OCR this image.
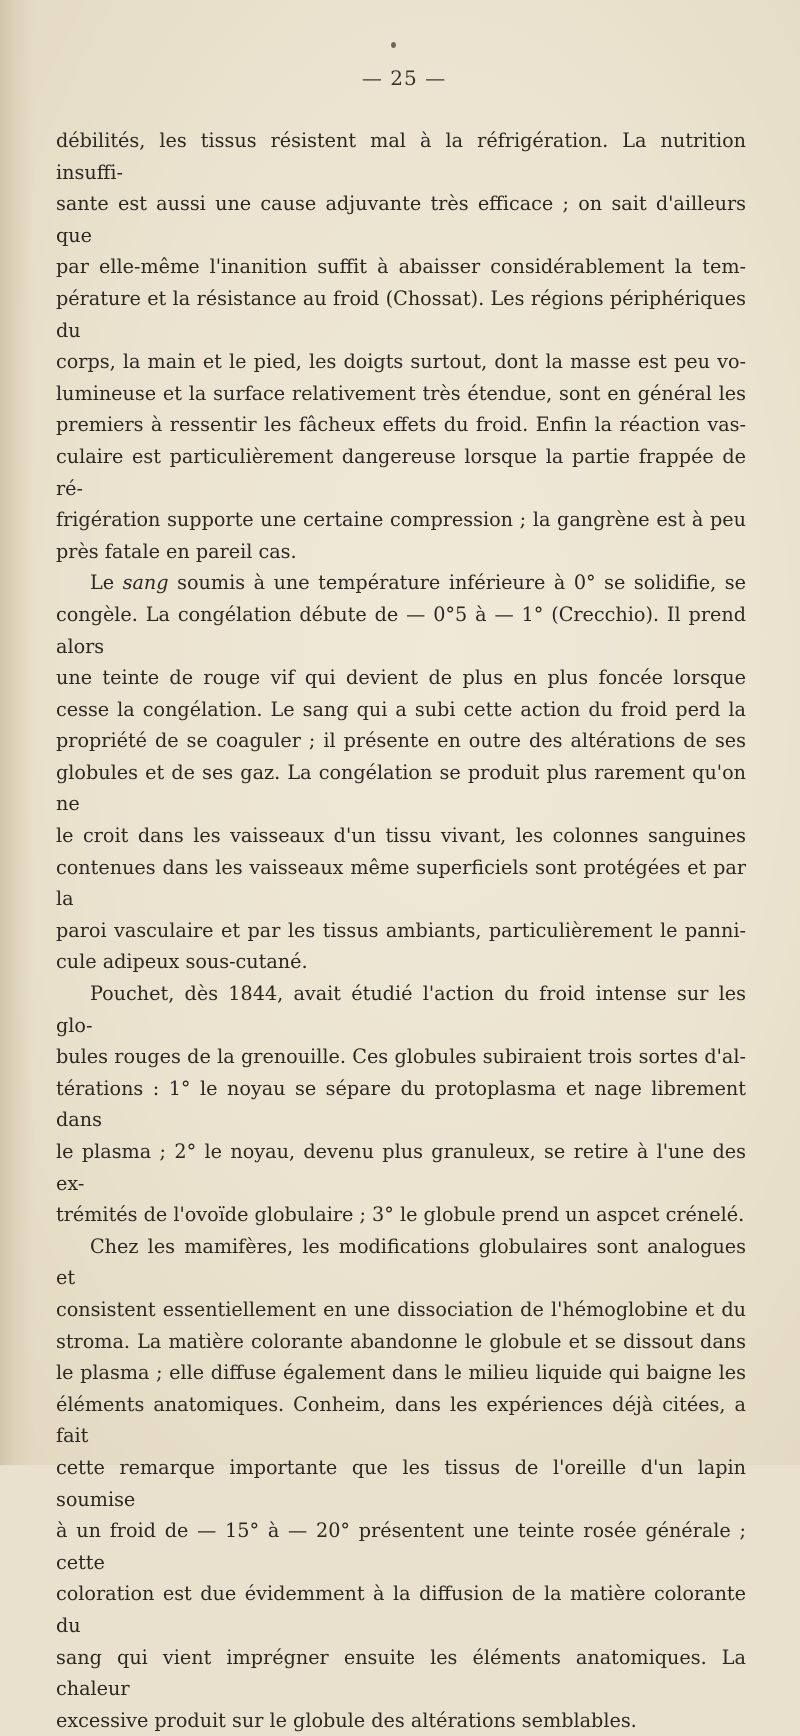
— 25 —

débilités, les tissus résistent mal à la réfrigération. La nutrition insuffi-

sante est aussi une cause adjuvante très efficace ; on sait d'ailleurs que

par elle-même l'inanition suffit à abaisser considérablement la tem-

pérature et la résistance au froid (Chossat). Les régions périphériques du

corps, la main et le pied, les doigts surtout, dont la masse est peu vo-

lumineuse et la surface relativement très étendue, sont en général les

premiers à ressentir les fâcheux effets du froid. Enfin la réaction vas-

culaire est particulièrement dangereuse lorsque la partie frappée de ré-

frigération supporte une certaine compression ; la gangrène est à peu

près fatale en pareil cas.

Le sang soumis à une température inférieure à 0° se solidifie, se

congèle. La congélation débute de — 0°5 à — 1° (Crecchio). Il prend alors

une teinte de rouge vif qui devient de plus en plus foncée lorsque

cesse la congélation. Le sang qui a subi cette action du froid perd la

propriété de se coaguler ; il présente en outre des altérations de ses

globules et de ses gaz. La congélation se produit plus rarement qu'on ne

le croit dans les vaisseaux d'un tissu vivant, les colonnes sanguines

contenues dans les vaisseaux même superficiels sont protégées et par la

paroi vasculaire et par les tissus ambiants, particulièrement le panni-

cule adipeux sous-cutané.

Pouchet, dès 1844, avait étudié l'action du froid intense sur les glo-

bules rouges de la grenouille. Ces globules subiraient trois sortes d'al-

térations : 1° le noyau se sépare du protoplasma et nage librement dans

le plasma ; 2° le noyau, devenu plus granuleux, se retire à l'une des ex-

trémités de l'ovoïde globulaire ; 3° le globule prend un aspcet crénelé.

Chez les mamifères, les modifications globulaires sont analogues et

consistent essentiellement en une dissociation de l'hémoglobine et du

stroma. La matière colorante abandonne le globule et se dissout dans

le plasma ; elle diffuse également dans le milieu liquide qui baigne les

éléments anatomiques. Conheim, dans les expériences déjà citées, a fait

cette remarque importante que les tissus de l'oreille d'un lapin soumise

à un froid de — 15° à — 20° présentent une teinte rosée générale ; cette

coloration est due évidemment à la diffusion de la matière colorante du

sang qui vient imprégner ensuite les éléments anatomiques. La chaleur

excessive produit sur le globule des altérations semblables.
